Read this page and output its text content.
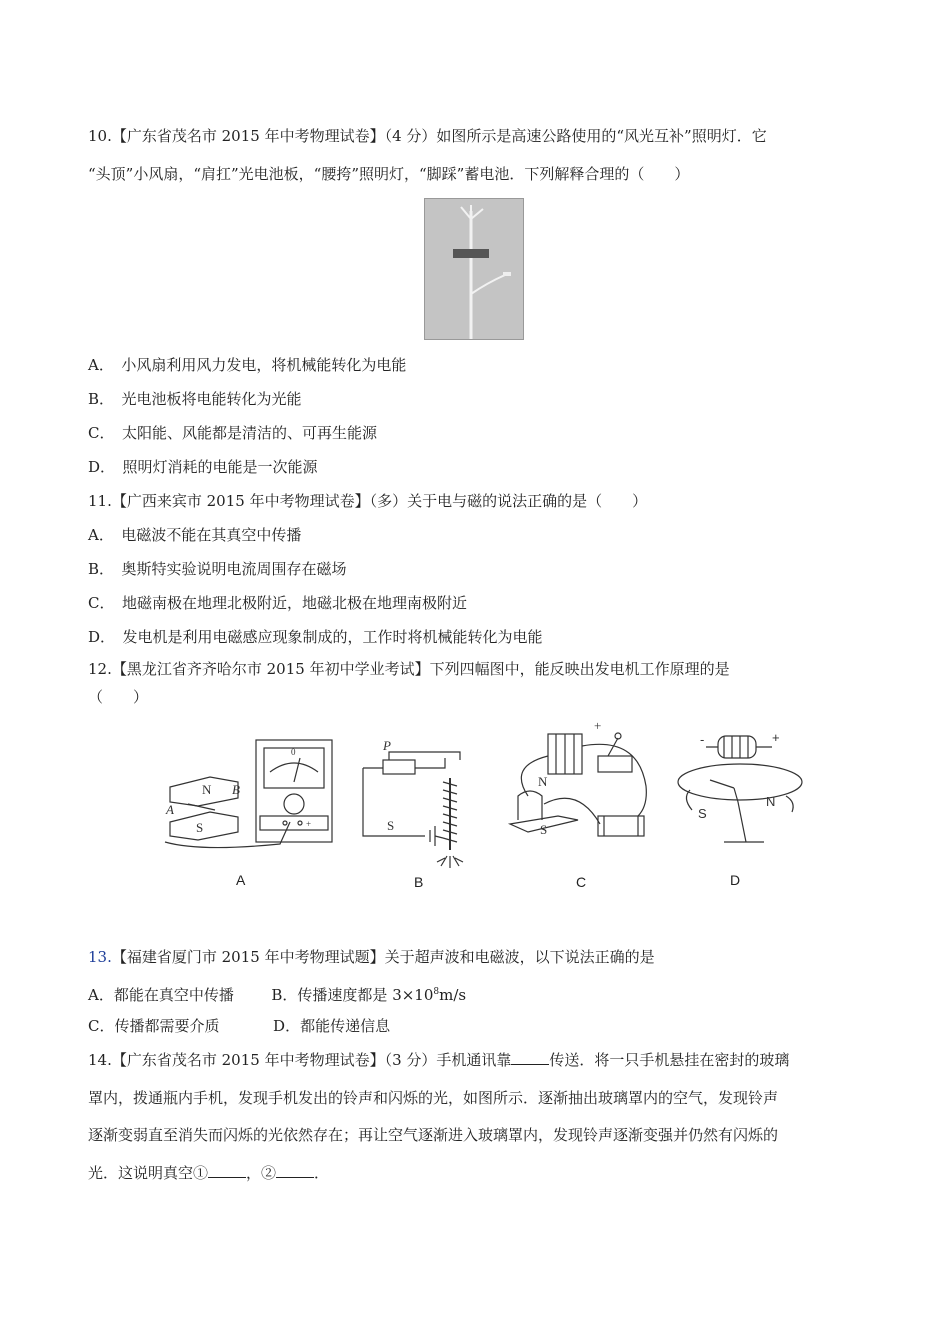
10.【广东省茂名市 2015 年中考物理试卷】（4 分）如图所示是高速公路使用的“风光互补”照明灯．它
“头顶”小风扇，“肩扛”光电池板，“腰挎”照明灯，“脚踩”蓄电池．下列解释合理的（　　）
A．　小风扇利用风力发电，将机械能转化为电能
B．　光电池板将电能转化为光能
C．　太阳能、风能都是清洁的、可再生能源
D．　照明灯消耗的电能是一次能源
11.【广西来宾市 2015 年中考物理试卷】（多）关于电与磁的说法正确的是（　　）
A．　电磁波不能在其真空中传播
B．　奥斯特实验说明电流周围存在磁场
C．　地磁南极在地理北极附近，地磁北极在地理南极附近
D．　发电机是利用电磁感应现象制成的，工作时将机械能转化为电能
12.【黑龙江省齐齐哈尔市 2015 年初中学业考试】下列四幅图中，能反映出发电机工作原理的是
（　　）
N
S
A
B
0
+
P
S
+
N
S
-	+
S
N
A	B	C	D
13.【福建省厦门市 2015 年中考物理试题】关于超声波和电磁波，以下说法正确的是
A．都能在真空中传播	B．传播速度都是 $3\times 10^8m/s$
C．传播都需要介质	D．都能传递信息
14.【广东省茂名市 2015 年中考物理试卷】（3 分）手机通讯靠	传送．将一只手机悬挂在密封的玻璃
罩内，拨通瓶内手机，发现手机发出的铃声和闪烁的光，如图所示．逐渐抽出玻璃罩内的空气，发现铃声
逐渐变弱直至消失而闪烁的光依然存在；再让空气逐渐进入玻璃罩内，发现铃声逐渐变强并仍然有闪烁的
光．这说明真空①	，②	．
